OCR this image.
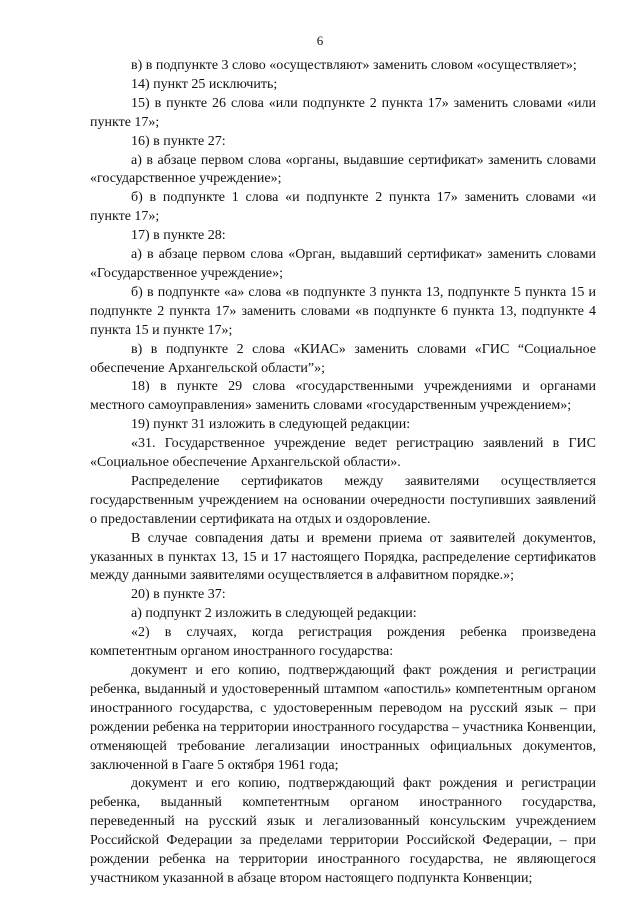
6

в) в подпункте 3 слово «осуществляют» заменить словом «осуществляет»;

14) пункт 25 исключить;

15) в пункте 26 слова «или подпункте 2 пункта 17» заменить словами «или пункте 17»;

16) в пункте 27:

а) в абзаце первом слова «органы, выдавшие сертификат» заменить словами «государственное учреждение»;

б) в подпункте 1 слова «и подпункте 2 пункта 17» заменить словами «и пункте 17»;

17) в пункте 28:

а) в абзаце первом слова «Орган, выдавший сертификат» заменить словами «Государственное учреждение»;

б) в подпункте «а» слова «в подпункте 3 пункта 13, подпункте 5 пункта 15 и подпункте 2 пункта 17» заменить словами «в подпункте 6 пункта 13, подпункте 4 пункта 15 и пункте 17»;

в) в подпункте 2 слова «КИАС» заменить словами «ГИС “Социальное обеспечение Архангельской области”»;

18) в пункте 29 слова «государственными учреждениями и органами местного самоуправления» заменить словами «государственным учреждением»;

19) пункт 31 изложить в следующей редакции:

«31. Государственное учреждение ведет регистрацию заявлений в ГИС «Социальное обеспечение Архангельской области».

Распределение сертификатов между заявителями осуществляется государственным учреждением на основании очередности поступивших заявлений о предоставлении сертификата на отдых и оздоровление.

В случае совпадения даты и времени приема от заявителей документов, указанных в пунктах 13, 15 и 17 настоящего Порядка, распределение сертификатов между данными заявителями осуществляется в алфавитном порядке.»;

20) в пункте 37:

а) подпункт 2 изложить в следующей редакции:

«2) в случаях, когда регистрация рождения ребенка произведена компетентным органом иностранного государства:

документ и его копию, подтверждающий факт рождения и регистрации ребенка, выданный и удостоверенный штампом «апостиль» компетентным органом иностранного государства, с удостоверенным переводом на русский язык – при рождении ребенка на территории иностранного государства – участника Конвенции, отменяющей требование легализации иностранных официальных документов, заключенной в Гааге 5 октября 1961 года;

документ и его копию, подтверждающий факт рождения и регистрации ребенка, выданный компетентным органом иностранного государства, переведенный на русский язык и легализованный консульским учреждением Российской Федерации за пределами территории Российской Федерации, – при рождении ребенка на территории иностранного государства, не являющегося участником указанной в абзаце втором настоящего подпункта Конвенции;
